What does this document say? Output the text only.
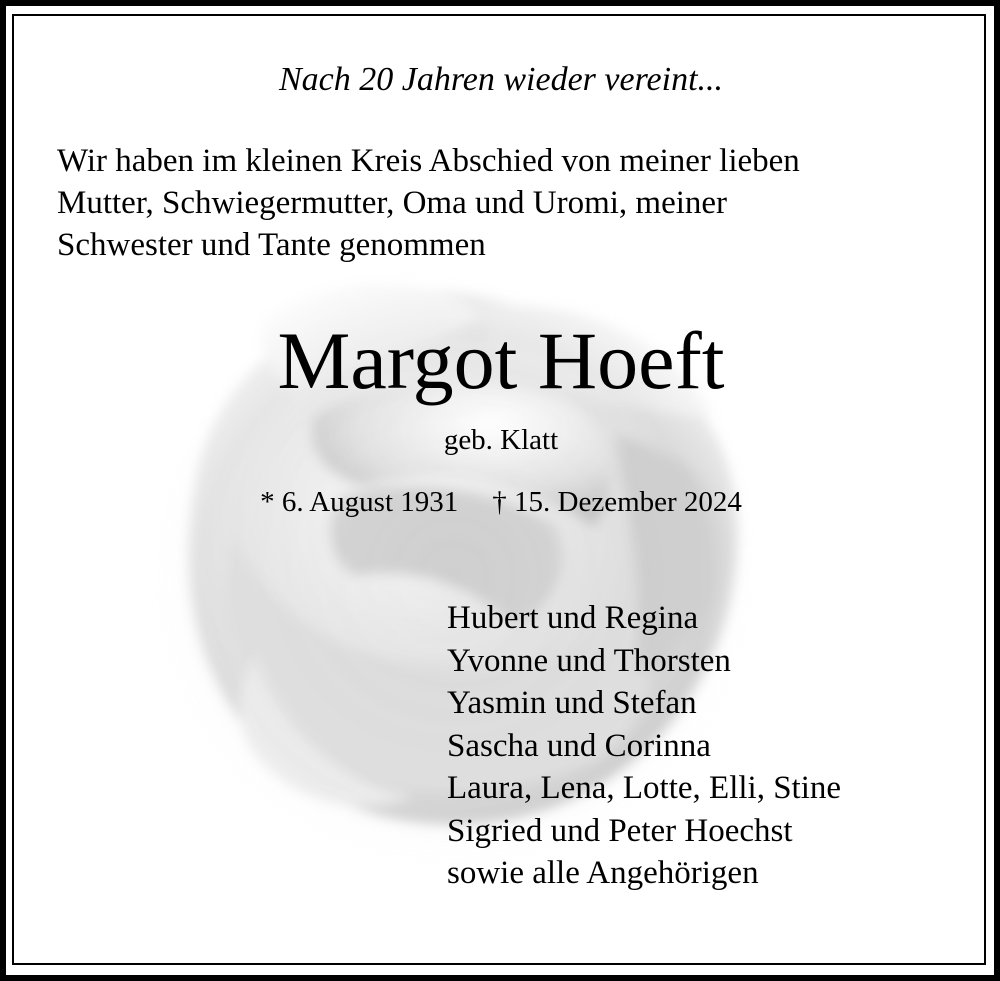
Nach 20 Jahren wieder vereint...
Wir haben im kleinen Kreis Abschied von meiner lieben
Mutter, Schwiegermutter, Oma und Uromi, meiner
Schwester und Tante genommen
Margot Hoeft
geb. Klatt
* 6. August 1931 † 15. Dezember 2024
Hubert und Regina
Yvonne und Thorsten
Yasmin und Stefan
Sascha und Corinna
Laura, Lena, Lotte, Elli, Stine
Sigried und Peter Hoechst
sowie alle Angehörigen
